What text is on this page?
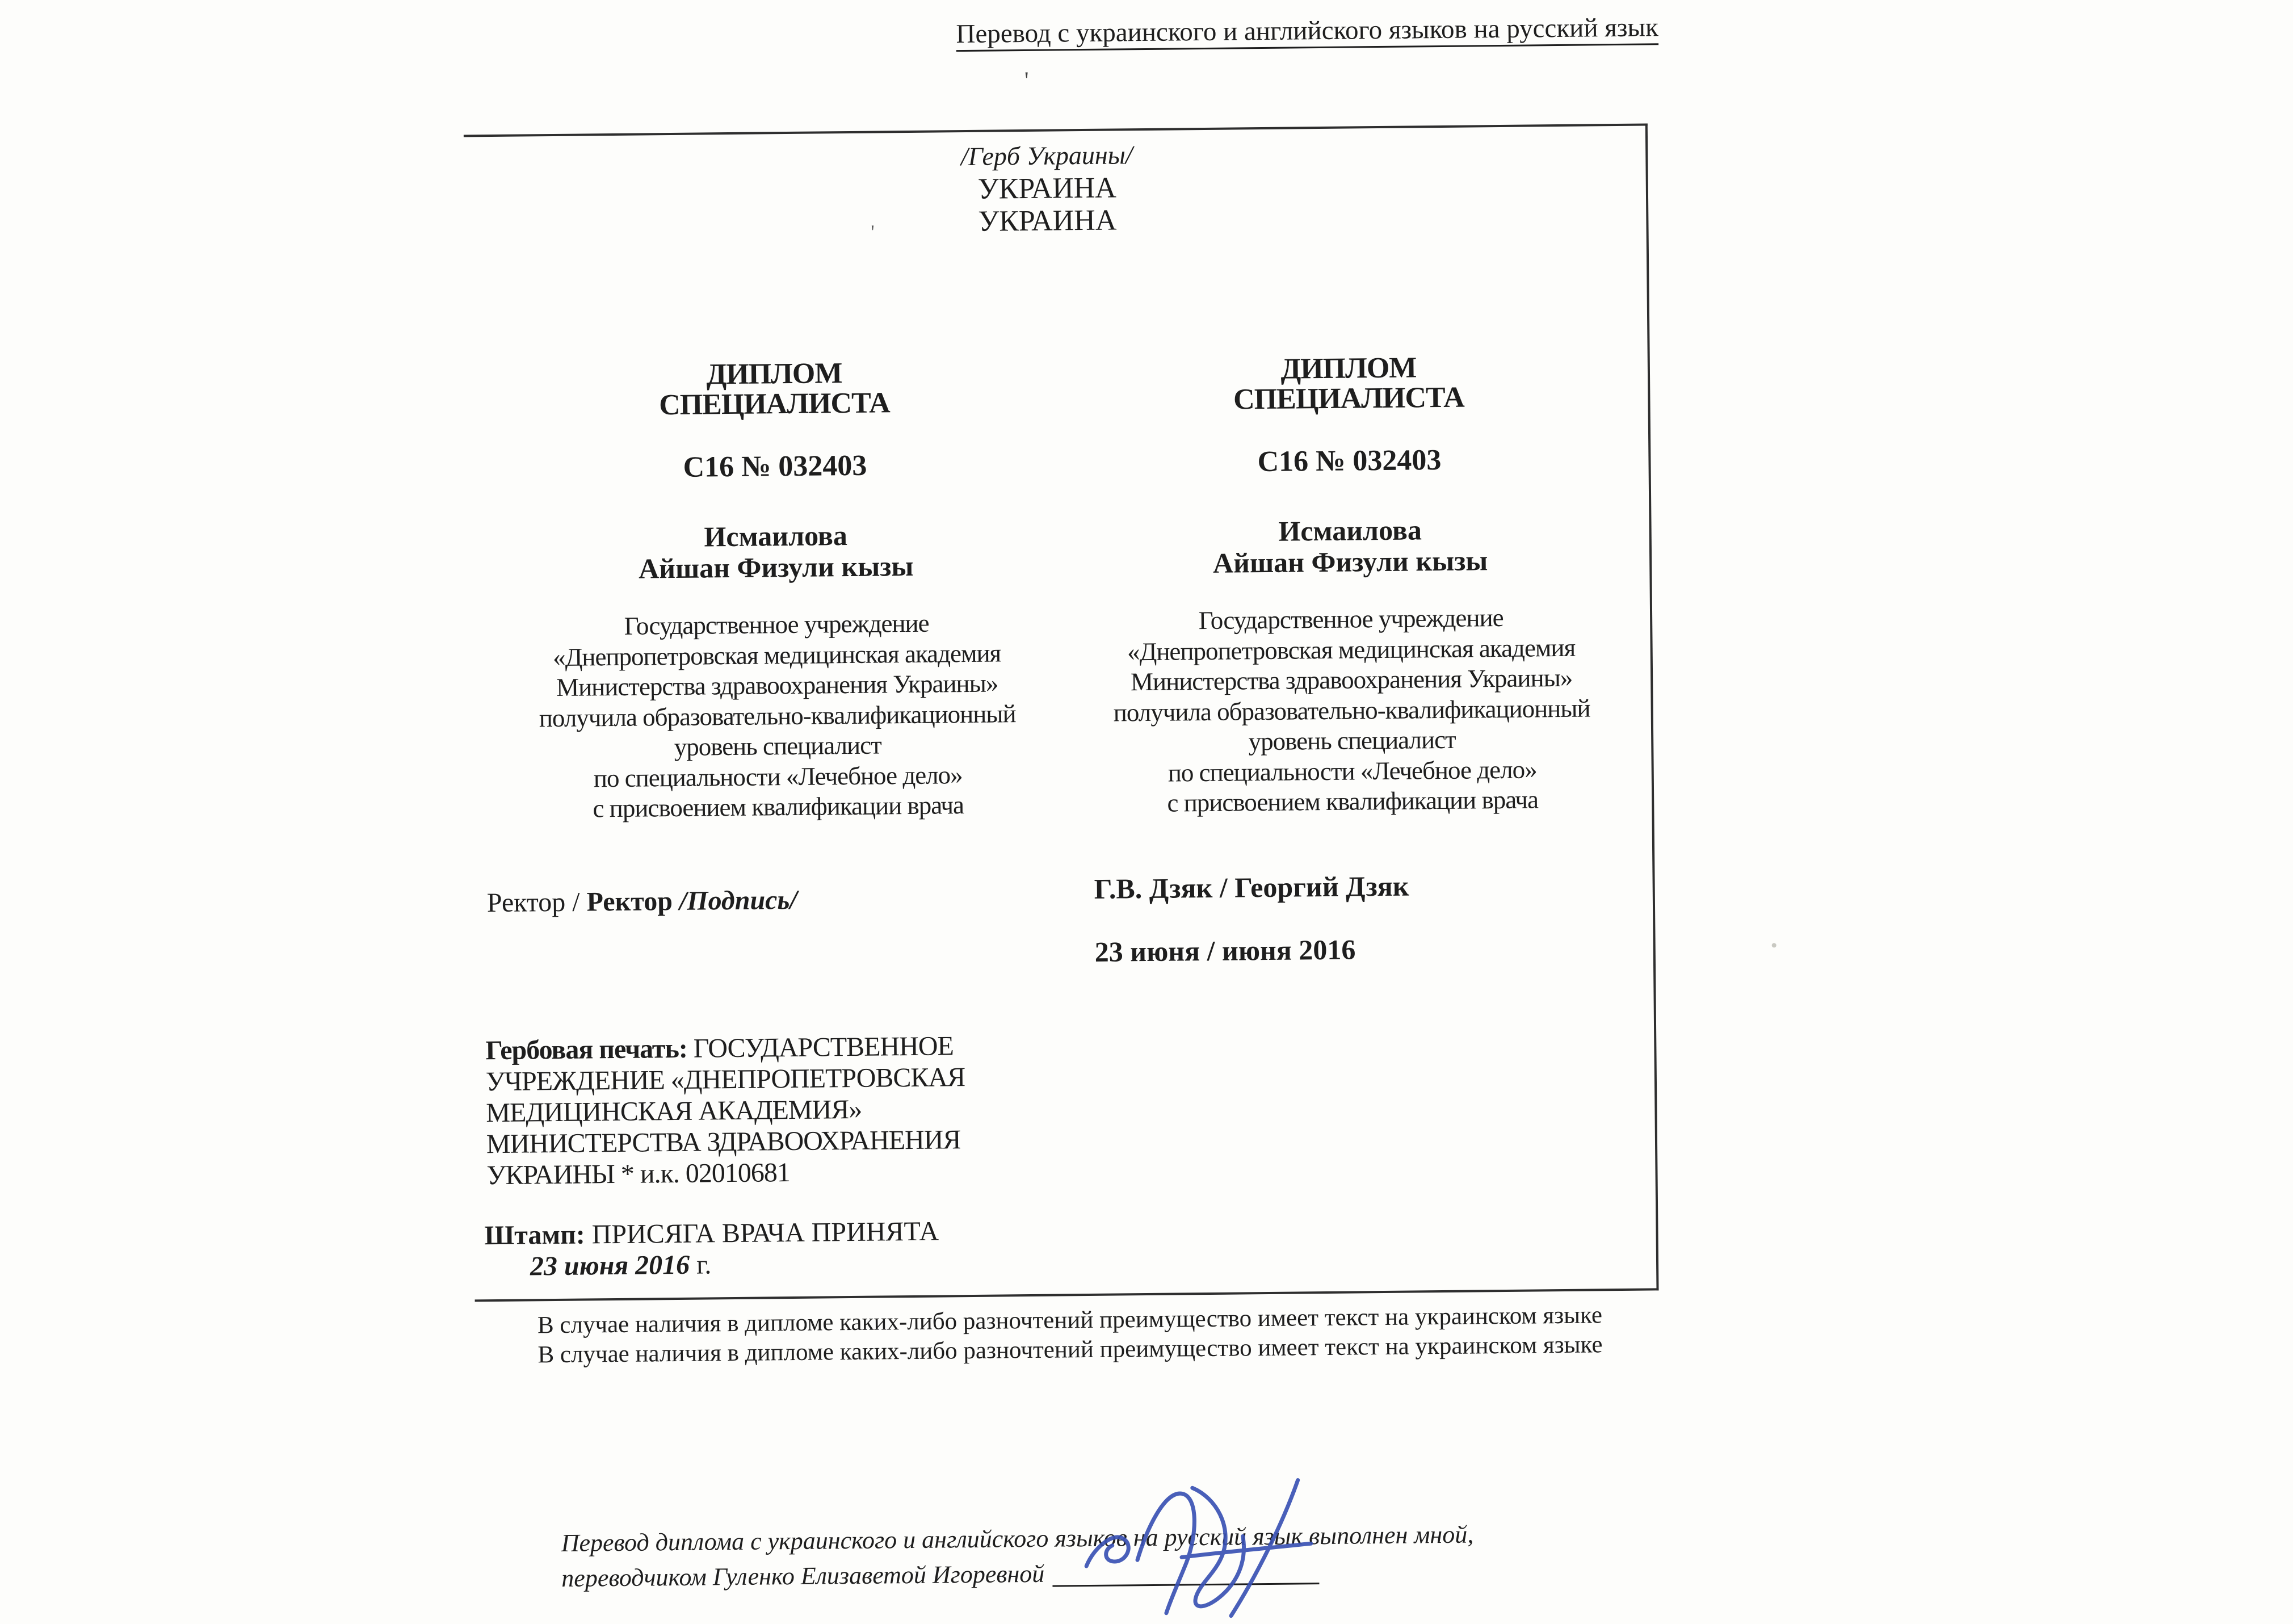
Перевод с украинского и английского языков на русский язык
'
'
/Герб Украины/
УКРАИНА
УКРАИНА
ДИПЛОМ
СПЕЦИАЛИСТА
С16 № 032403
Исмаилова
Айшан Физули кызы
Государственное учреждение
«Днепропетровская медицинская академия
Министерства здравоохранения Украины»
получила образовательно-квалификационный
уровень специалист
по специальности «Лечебное дело»
с присвоением квалификации врача
ДИПЛОМ
СПЕЦИАЛИСТА
С16 № 032403
Исмаилова
Айшан Физули кызы
Государственное учреждение
«Днепропетровская медицинская академия
Министерства здравоохранения Украины»
получила образовательно-квалификационный
уровень специалист
по специальности «Лечебное дело»
с присвоением квалификации врача
Ректор / Ректор /Подпись/	Г.В. Дзяк / Георгий Дзяк
23 июня / июня 2016
Гербовая печать: ГОСУДАРСТВЕННОЕ
УЧРЕЖДЕНИЕ «ДНЕПРОПЕТРОВСКАЯ
МЕДИЦИНСКАЯ АКАДЕМИЯ»
МИНИСТЕРСТВА ЗДРАВООХРАНЕНИЯ
УКРАИНЫ * и.к. 02010681
Штамп: ПРИСЯГА ВРАЧА ПРИНЯТА
23 июня 2016 г.
В случае наличия в дипломе каких-либо разночтений преимущество имеет текст на украинском языке
В случае наличия в дипломе каких-либо разночтений преимущество имеет текст на украинском языке
Перевод диплома с украинского и английского языков на русский язык выполнен мной,
переводчиком Гуленко Елизаветой Игоревной
